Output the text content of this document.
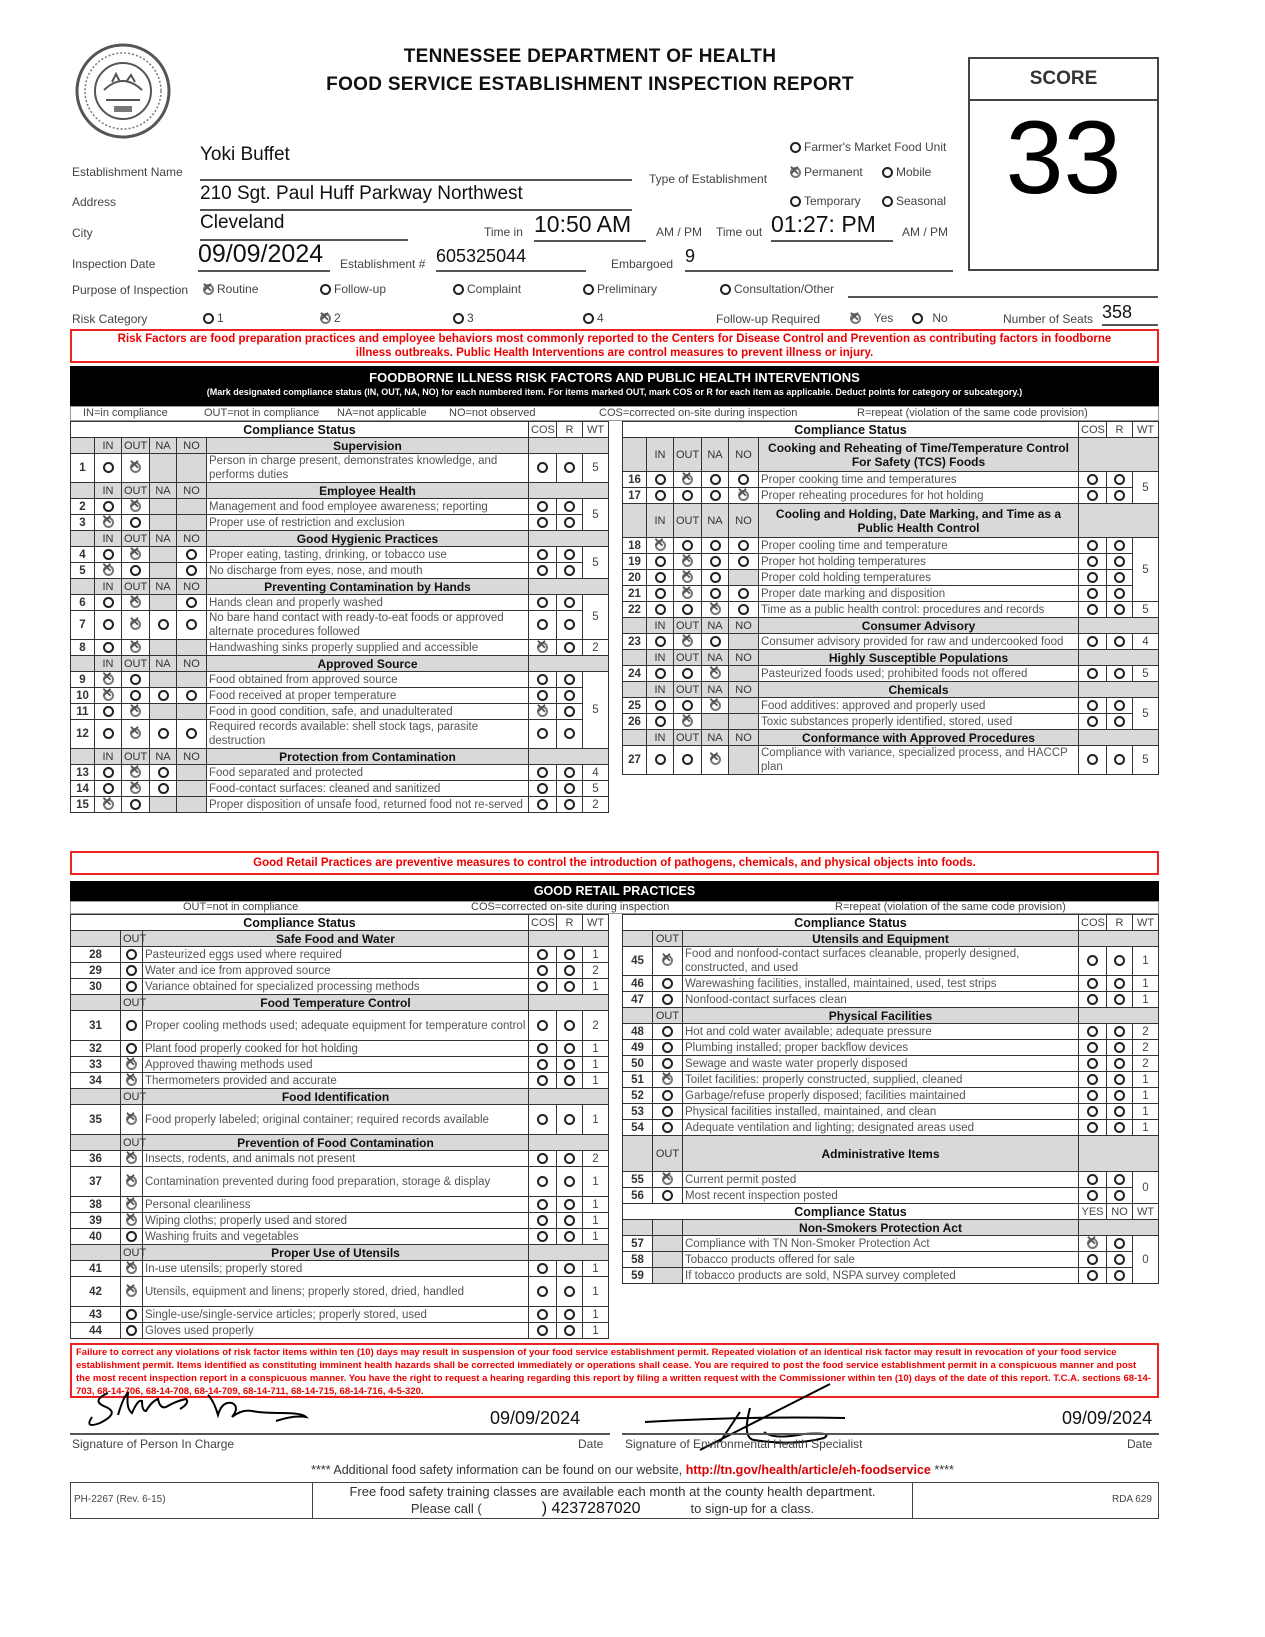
TENNESSEE DEPARTMENT OF HEALTH
FOOD SERVICE ESTABLISHMENT INSPECTION REPORT	SCORE
33
Establishment Name
Yoki Buffet
Address	210 Sgt. Paul Huff Parkway Northwest
City	Cleveland	Time in 10:50 AM	AM / PM Time out 01:27: PM	AM / PM
Inspection Date 09/09/2024	Establishment # 605325044	Embargoed 9
Type of Establishment
Farmer's Market Food Unit
✕
Permanent	Mobile
Temporary	Seasonal
Purpose of Inspection ✕ Routine	Follow-up	Complaint	Preliminary	Consultation/Other
Risk Category	1 ✕	2	3	4	Follow-up Required ✕
	Yes
	No	Number of Seats 358
Risk Factors are food preparation practices and employee behaviors most commonly reported to the Centers for Disease Control and Prevention as contributing factors in foodborne illness outbreaks. Public Health Interventions are control measures to prevent illness or injury.
FOODBORNE ILLNESS RISK FACTORS AND PUBLIC HEALTH INTERVENTIONS
(Mark designated compliance status (IN, OUT, NA, NO) for each numbered item. For items marked OUT, mark COS or R for each item as applicable. Deduct points for category or subcategory.)
IN=in compliance	OUT=not in compliance NA=not applicable NO=not observed	COS=corrected on-site during inspection	R=repeat (violation of the same code provision)
Compliance Status						COS	R	WT
	IN	OUT	NA	NO	Supervision			
1		✕			Person in charge present, demonstrates knowledge, and performs duties			5
	IN	OUT	NA	NO	Employee Health			
2		✕			Management and food employee awareness; reporting			5
3	✕				Proper use of restriction and exclusion			
	IN	OUT	NA	NO	Good Hygienic Practices			
4		✕			Proper eating, tasting, drinking, or tobacco use			5
5	✕				No discharge from eyes, nose, and mouth			
	IN	OUT	NA	NO	Preventing Contamination by Hands			
6		✕			Hands clean and properly washed			5
7		✕			No bare hand contact with ready-to-eat foods or approved alternate procedures followed			
8		✕			Handwashing sinks properly supplied and accessible	✕		2
	IN	OUT	NA	NO	Approved Source			
9	✕				Food obtained from approved source			5
10	✕				Food received at proper temperature			
11		✕			Food in good condition, safe, and unadulterated	✕	
12		✕			Required records available: shell stock tags, parasite destruction			
	IN	OUT	NA	NO	Protection from Contamination			
13		✕			Food separated and protected			4
14		✕			Food-contact surfaces: cleaned and sanitized			5
15	✕				Proper disposition of unsafe food, returned food not re-served			2
Compliance Status						COS	R	WT
	IN	OUT	NA	NO	Cooking and Reheating of Time/Temperature Control For Safety (TCS) Foods			
16		✕			Proper cooking time and temperatures			5
17				✕	Proper reheating procedures for hot holding			
	IN	OUT	NA	NO	Cooling and Holding, Date Marking, and Time as a Public Health Control			
18	✕				Proper cooling time and temperature			5
19		✕			Proper hot holding temperatures			
20		✕			Proper cold holding temperatures			
21		✕			Proper date marking and disposition			
22			✕		Time as a public health control: procedures and records			5
	IN	OUT	NA	NO	Consumer Advisory			
23		✕			Consumer advisory provided for raw and undercooked food			4
	IN	OUT	NA	NO	Highly Susceptible Populations			
24			✕		Pasteurized foods used; prohibited foods not offered			5
	IN	OUT	NA	NO	Chemicals			
25			✕		Food additives: approved and properly used			5
26		✕			Toxic substances properly identified, stored, used			
	IN	OUT	NA	NO	Conformance with Approved Procedures			
27			✕		Compliance with variance, specialized process, and HACCP plan			5
Good Retail Practices are preventive measures to control the introduction of pathogens, chemicals, and physical objects into foods.
GOOD RETAIL PRACTICES
OUT=not in compliance	COS=corrected on-site during inspection	R=repeat (violation of the same code provision)
Compliance Status			COS	R	WT
	OUT	Safe Food and Water			
28		Pasteurized eggs used where required			1
29		Water and ice from approved source			2
30		Variance obtained for specialized processing methods			1
	OUT	Food Temperature Control			
31		Proper cooling methods used; adequate equipment for temperature control			2
32		Plant food properly cooked for hot holding			1
33	✕	Approved thawing methods used			1
34	✕	Thermometers provided and accurate			1
	OUT	Food Identification			
35	✕	Food properly labeled; original container; required records available			1
	OUT	Prevention of Food Contamination			
36	✕	Insects, rodents, and animals not present			2
37	✕	Contamination prevented during food preparation, storage & display			1
38	✕	Personal cleanliness			1
39	✕	Wiping cloths; properly used and stored			1
40		Washing fruits and vegetables			1
	OUT	Proper Use of Utensils			
41	✕	In-use utensils; properly stored			1
42	✕	Utensils, equipment and linens; properly stored, dried, handled			1
43		Single-use/single-service articles; properly stored, used			1
44		Gloves used properly			1
Compliance Status			COS	R	WT
	OUT	Utensils and Equipment			
45	✕	Food and nonfood-contact surfaces cleanable, properly designed, constructed, and used			1
46		Warewashing facilities, installed, maintained, used, test strips			1
47		Nonfood-contact surfaces clean			1
	OUT	Physical Facilities			
48		Hot and cold water available; adequate pressure			2
49		Plumbing installed; proper backflow devices			2
50		Sewage and waste water properly disposed			2
51	✕	Toilet facilities: properly constructed, supplied, cleaned			1
52		Garbage/refuse properly disposed; facilities maintained			1
53		Physical facilities installed, maintained, and clean			1
54		Adequate ventilation and lighting; designated areas used			1
	OUT	Administrative Items			
55	✕	Current permit posted			0
56		Most recent inspection posted			
Compliance Status			YES	NO	WT
		Non-Smokers Protection Act			
57		Compliance with TN Non-Smoker Protection Act	✕		0
58		Tobacco products offered for sale			
59		If tobacco products are sold, NSPA survey completed			
Failure to correct any violations of risk factor items within ten (10) days may result in suspension of your food service establishment permit. Repeated violation of an identical risk factor may result in revocation of your food service establishment permit. Items identified as constituting imminent health hazards shall be corrected immediately or operations shall cease. You are required to post the food service establishment permit in a conspicuous manner and post the most recent inspection report in a conspicuous manner. You have the right to request a hearing regarding this report by filing a written request with the Commissioner within ten (10) days of the date of this report. T.C.A. sections 68-14-703, 68-14-706, 68-14-708, 68-14-709, 68-14-711, 68-14-715, 68-14-716, 4-5-320.
09/09/2024
Signature of Person In Charge	Date
09/09/2024
Signature of Environmental Health Specialist	Date
**** Additional food safety information can be found on our website, http://tn.gov/health/article/eh-foodservice ****
PH-2267 (Rev. 6-15)
Free food safety training classes are available each month at the county health department.
Please call (	) 4237287020	to sign-up for a class.
RDA 629
